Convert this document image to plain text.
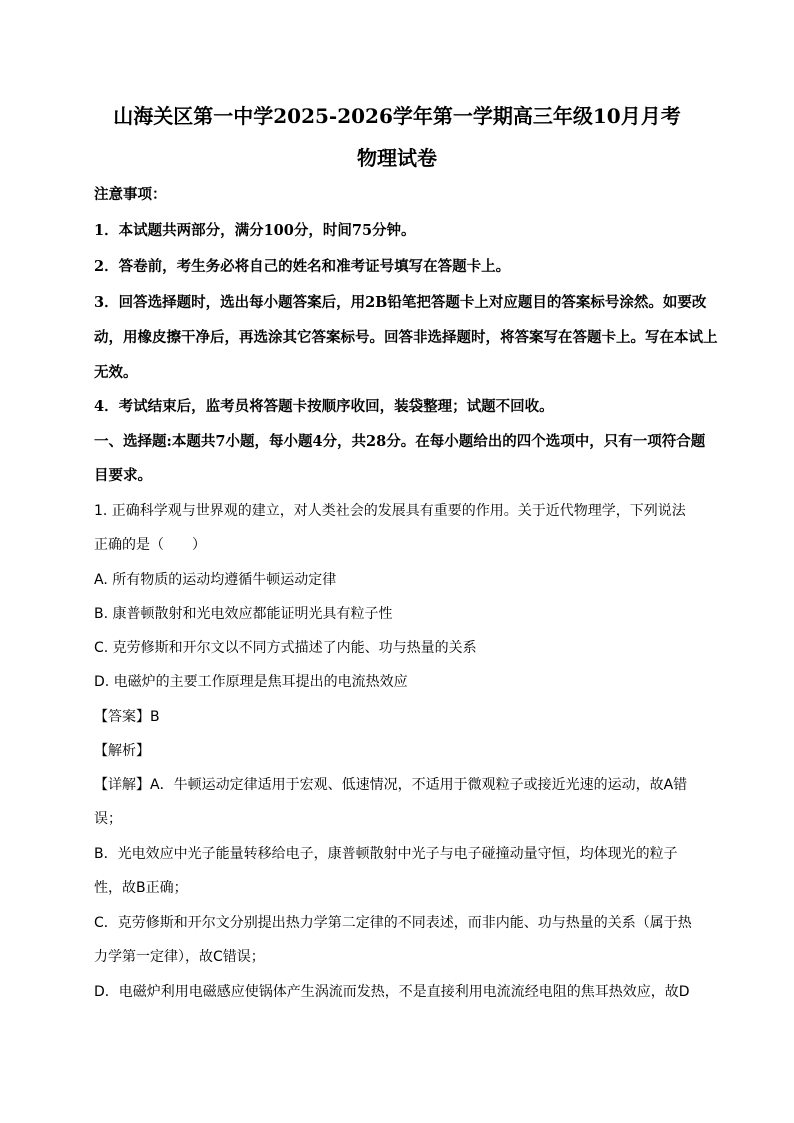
山海关区第一中学2025-2026学年第一学期高三年级10月月考
物理试卷
注意事项：
1．本试题共两部分，满分100分，时间75分钟。
2．答卷前，考生务必将自己的姓名和准考证号填写在答题卡上。
3．回答选择题时，选出每小题答案后，用2B铅笔把答题卡上对应题目的答案标号涂然。如要改
动，用橡皮擦干净后，再选涂其它答案标号。回答非选择题时，将答案写在答题卡上。写在本试上
无效。
4．考试结束后，监考员将答题卡按顺序收回，装袋整理；试题不回收。
一、选择题:本题共7小题，每小题4分，共28分。在每小题给出的四个选项中，只有一项符合题
目要求。
1. 正确科学观与世界观的建立，对人类社会的发展具有重要的作用。关于近代物理学，下列说法
正确的是（　　）
A. 所有物质的运动均遵循牛顿运动定律
B. 康普顿散射和光电效应都能证明光具有粒子性
C. 克劳修斯和开尔文以不同方式描述了内能、功与热量的关系
D. 电磁炉的主要工作原理是焦耳提出的电流热效应
【答案】B
【解析】
【详解】A．牛顿运动定律适用于宏观、低速情况，不适用于微观粒子或接近光速的运动，故A错
误；
B．光电效应中光子能量转移给电子，康普顿散射中光子与电子碰撞动量守恒，均体现光的粒子
性，故B正确；
C．克劳修斯和开尔文分别提出热力学第二定律的不同表述，而非内能、功与热量的关系（属于热
力学第一定律），故C错误；
D．电磁炉利用电磁感应使锅体产生涡流而发热，不是直接利用电流流经电阻的焦耳热效应，故D
